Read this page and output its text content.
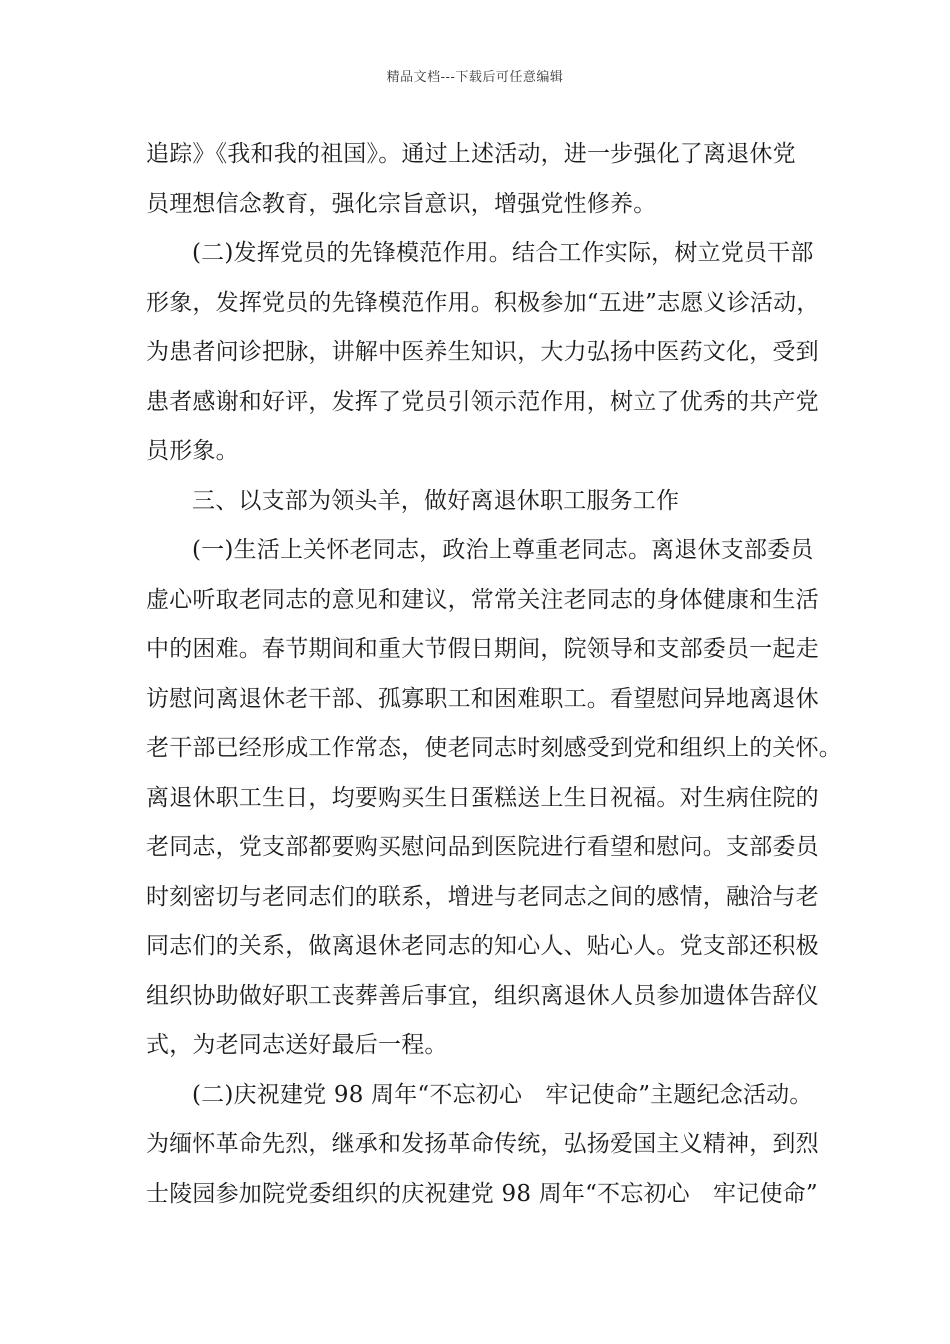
精品文档---下载后可任意编辑
追踪》《我和我的祖国》。通过上述活动，进一步强化了离退休党
员理想信念教育，强化宗旨意识，增强党性修养。
(二)发挥党员的先锋模范作用。结合工作实际，树立党员干部
形象，发挥党员的先锋模范作用。积极参加“五进”志愿义诊活动，
为患者问诊把脉，讲解中医养生知识，大力弘扬中医药文化，受到
患者感谢和好评，发挥了党员引领示范作用，树立了优秀的共产党
员形象。
三、以支部为领头羊，做好离退休职工服务工作
(一)生活上关怀老同志，政治上尊重老同志。离退休支部委员
虚心听取老同志的意见和建议，常常关注老同志的身体健康和生活
中的困难。春节期间和重大节假日期间，院领导和支部委员一起走
访慰问离退休老干部、孤寡职工和困难职工。看望慰问异地离退休
老干部已经形成工作常态，使老同志时刻感受到党和组织上的关怀。
离退休职工生日，均要购买生日蛋糕送上生日祝福。对生病住院的
老同志，党支部都要购买慰问品到医院进行看望和慰问。支部委员
时刻密切与老同志们的联系，增进与老同志之间的感情，融洽与老
同志们的关系，做离退休老同志的知心人、贴心人。党支部还积极
组织协助做好职工丧葬善后事宜，组织离退休人员参加遗体告辞仪
式，为老同志送好最后一程。
(二)庆祝建党 98 周年“不忘初心　牢记使命”主题纪念活动。
为缅怀革命先烈，继承和发扬革命传统，弘扬爱国主义精神，到烈
士陵园参加院党委组织的庆祝建党 98 周年“不忘初心　牢记使命”
